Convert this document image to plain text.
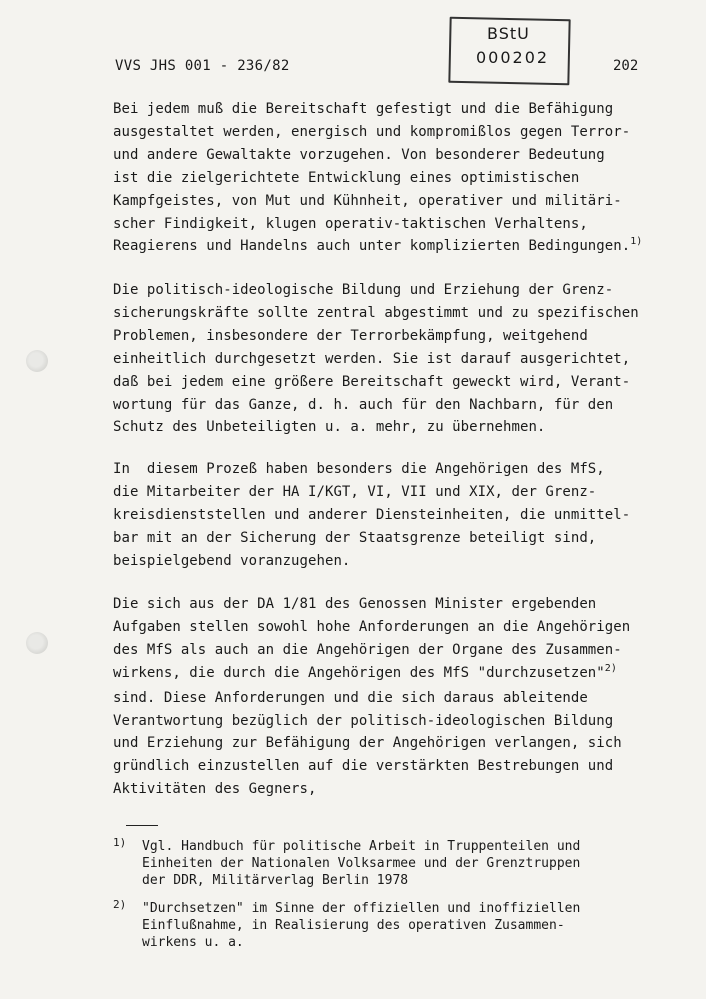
VVS JHS 001 - 236/82	202
BStU
000202
Bei jedem muß die Bereitschaft gefestigt und die Befähigung
ausgestaltet werden, energisch und kompromißlos gegen Terror-
und andere Gewaltakte vorzugehen. Von besonderer Bedeutung
ist die zielgerichtete Entwicklung eines optimistischen
Kampfgeistes, von Mut und Kühnheit, operativer und militäri-
scher Findigkeit, klugen operativ-taktischen Verhaltens,
Reagierens und Handelns auch unter komplizierten Bedingungen.$^{1)}$
Die politisch-ideologische Bildung und Erziehung der Grenz-
sicherungskräfte sollte zentral abgestimmt und zu spezifischen
Problemen, insbesondere der Terrorbekämpfung, weitgehend
einheitlich durchgesetzt werden. Sie ist darauf ausgerichtet,
daß bei jedem eine größere Bereitschaft geweckt wird, Verant-
wortung für das Ganze, d. h. auch für den Nachbarn, für den
Schutz des Unbeteiligten u. a. mehr, zu übernehmen.
In  diesem Prozeß haben besonders die Angehörigen des MfS,
die Mitarbeiter der HA I/KGT, VI, VII und XIX, der Grenz-
kreisdienststellen und anderer Diensteinheiten, die unmittel-
bar mit an der Sicherung der Staatsgrenze beteiligt sind,
beispielgebend voranzugehen.
Die sich aus der DA 1/81 des Genossen Minister ergebenden
Aufgaben stellen sowohl hohe Anforderungen an die Angehörigen
des MfS als auch an die Angehörigen der Organe des Zusammen-
wirkens, die durch die Angehörigen des MfS "durchzusetzen"$^{2)}$
sind. Diese Anforderungen und die sich daraus ableitende
Verantwortung bezüglich der politisch-ideologischen Bildung
und Erziehung zur Befähigung der Angehörigen verlangen, sich
gründlich einzustellen auf die verstärkten Bestrebungen und
Aktivitäten des Gegners,
1) Vgl. Handbuch für politische Arbeit in Truppenteilen und
Einheiten der Nationalen Volksarmee und der Grenztruppen
der DDR, Militärverlag Berlin 1978
2) "Durchsetzen" im Sinne der offiziellen und inoffiziellen
Einflußnahme, in Realisierung des operativen Zusammen-
wirkens u. a.
